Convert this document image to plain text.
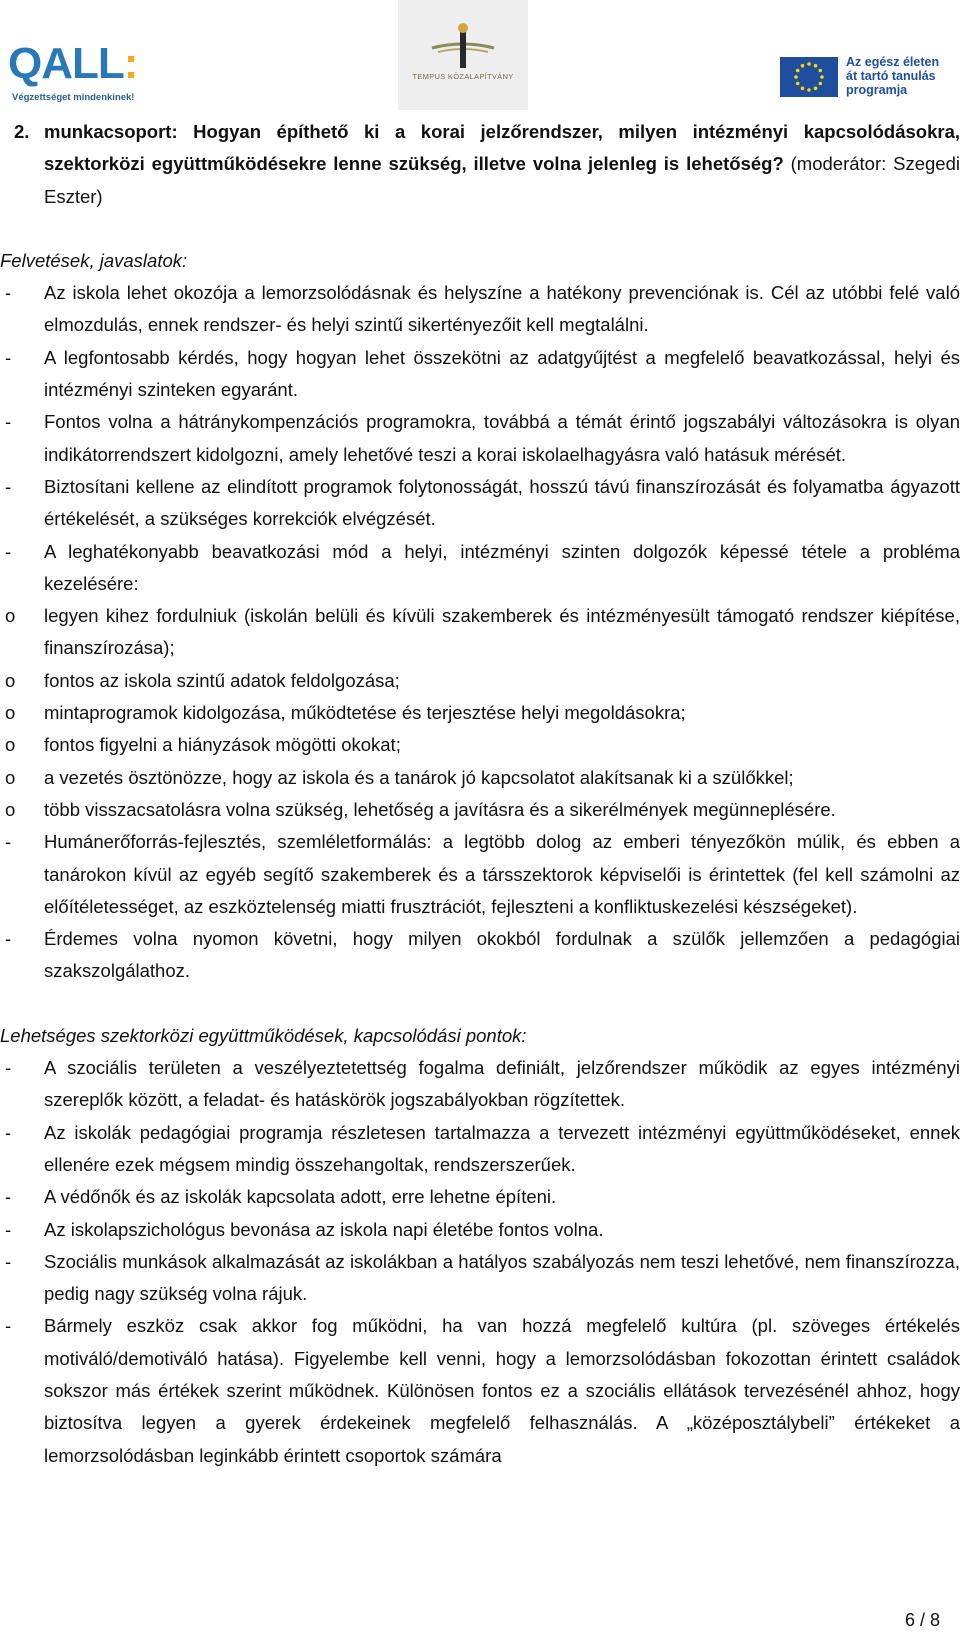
QALL:
Végzettséget mindenkinek!
TEMPUS KÖZALAPÍTVÁNY
Az egész életen
át tartó tanulás
programja
2. munkacsoport: Hogyan építhető ki a korai jelzőrendszer, milyen intézményi kapcsolódásokra, szektorközi együttműködésekre lenne szükség, illetve volna jelenleg is lehetőség? (moderátor: Szegedi Eszter)
Felvetések, javaslatok:
- Az iskola lehet okozója a lemorzsolódásnak és helyszíne a hatékony prevenciónak is. Cél az utóbbi felé való elmozdulás, ennek rendszer- és helyi szintű sikertényezőit kell megtalálni.
- A legfontosabb kérdés, hogy hogyan lehet összekötni az adatgyűjtést a megfelelő beavatkozással, helyi és intézményi szinteken egyaránt.
- Fontos volna a hátránykompenzációs programokra, továbbá a témát érintő jogszabályi változásokra is olyan indikátorrendszert kidolgozni, amely lehetővé teszi a korai iskolaelhagyásra való hatásuk mérését.
- Biztosítani kellene az elindított programok folytonosságát, hosszú távú finanszírozását és folyamatba ágyazott értékelését, a szükséges korrekciók elvégzését.
- A leghatékonyabb beavatkozási mód a helyi, intézményi szinten dolgozók képessé tétele a probléma kezelésére:
o legyen kihez fordulniuk (iskolán belüli és kívüli szakemberek és intézményesült támogató rendszer kiépítése, finanszírozása);
o fontos az iskola szintű adatok feldolgozása;
o mintaprogramok kidolgozása, működtetése és terjesztése helyi megoldásokra;
o fontos figyelni a hiányzások mögötti okokat;
o a vezetés ösztönözze, hogy az iskola és a tanárok jó kapcsolatot alakítsanak ki a szülőkkel;
o több visszacsatolásra volna szükség, lehetőség a javításra és a sikerélmények megünneplésére.
- Humánerőforrás-fejlesztés, szemléletformálás: a legtöbb dolog az emberi tényezőkön múlik, és ebben a tanárokon kívül az egyéb segítő szakemberek és a társszektorok képviselői is érintettek (fel kell számolni az előítéletességet, az eszköztelenség miatti frusztrációt, fejleszteni a konfliktuskezelési készségeket).
- Érdemes volna nyomon követni, hogy milyen okokból fordulnak a szülők jellemzően a pedagógiai szakszolgálathoz.
Lehetséges szektorközi együttműködések, kapcsolódási pontok:
- A szociális területen a veszélyeztetettség fogalma definiált, jelzőrendszer működik az egyes intézményi szereplők között, a feladat- és hatáskörök jogszabályokban rögzítettek.
- Az iskolák pedagógiai programja részletesen tartalmazza a tervezett intézményi együttműködéseket, ennek ellenére ezek mégsem mindig összehangoltak, rendszerszerűek.
- A védőnők és az iskolák kapcsolata adott, erre lehetne építeni.
- Az iskolapszichológus bevonása az iskola napi életébe fontos volna.
- Szociális munkások alkalmazását az iskolákban a hatályos szabályozás nem teszi lehetővé, nem finanszírozza, pedig nagy szükség volna rájuk.
- Bármely eszköz csak akkor fog működni, ha van hozzá megfelelő kultúra (pl. szöveges értékelés motiváló/demotiváló hatása). Figyelembe kell venni, hogy a lemorzsolódásban fokozottan érintett családok sokszor más értékek szerint működnek. Különösen fontos ez a szociális ellátások tervezésénél ahhoz, hogy biztosítva legyen a gyerek érdekeinek megfelelő felhasználás. A „középosztálybeli” értékeket a lemorzsolódásban leginkább érintett csoportok számára
6 / 8
